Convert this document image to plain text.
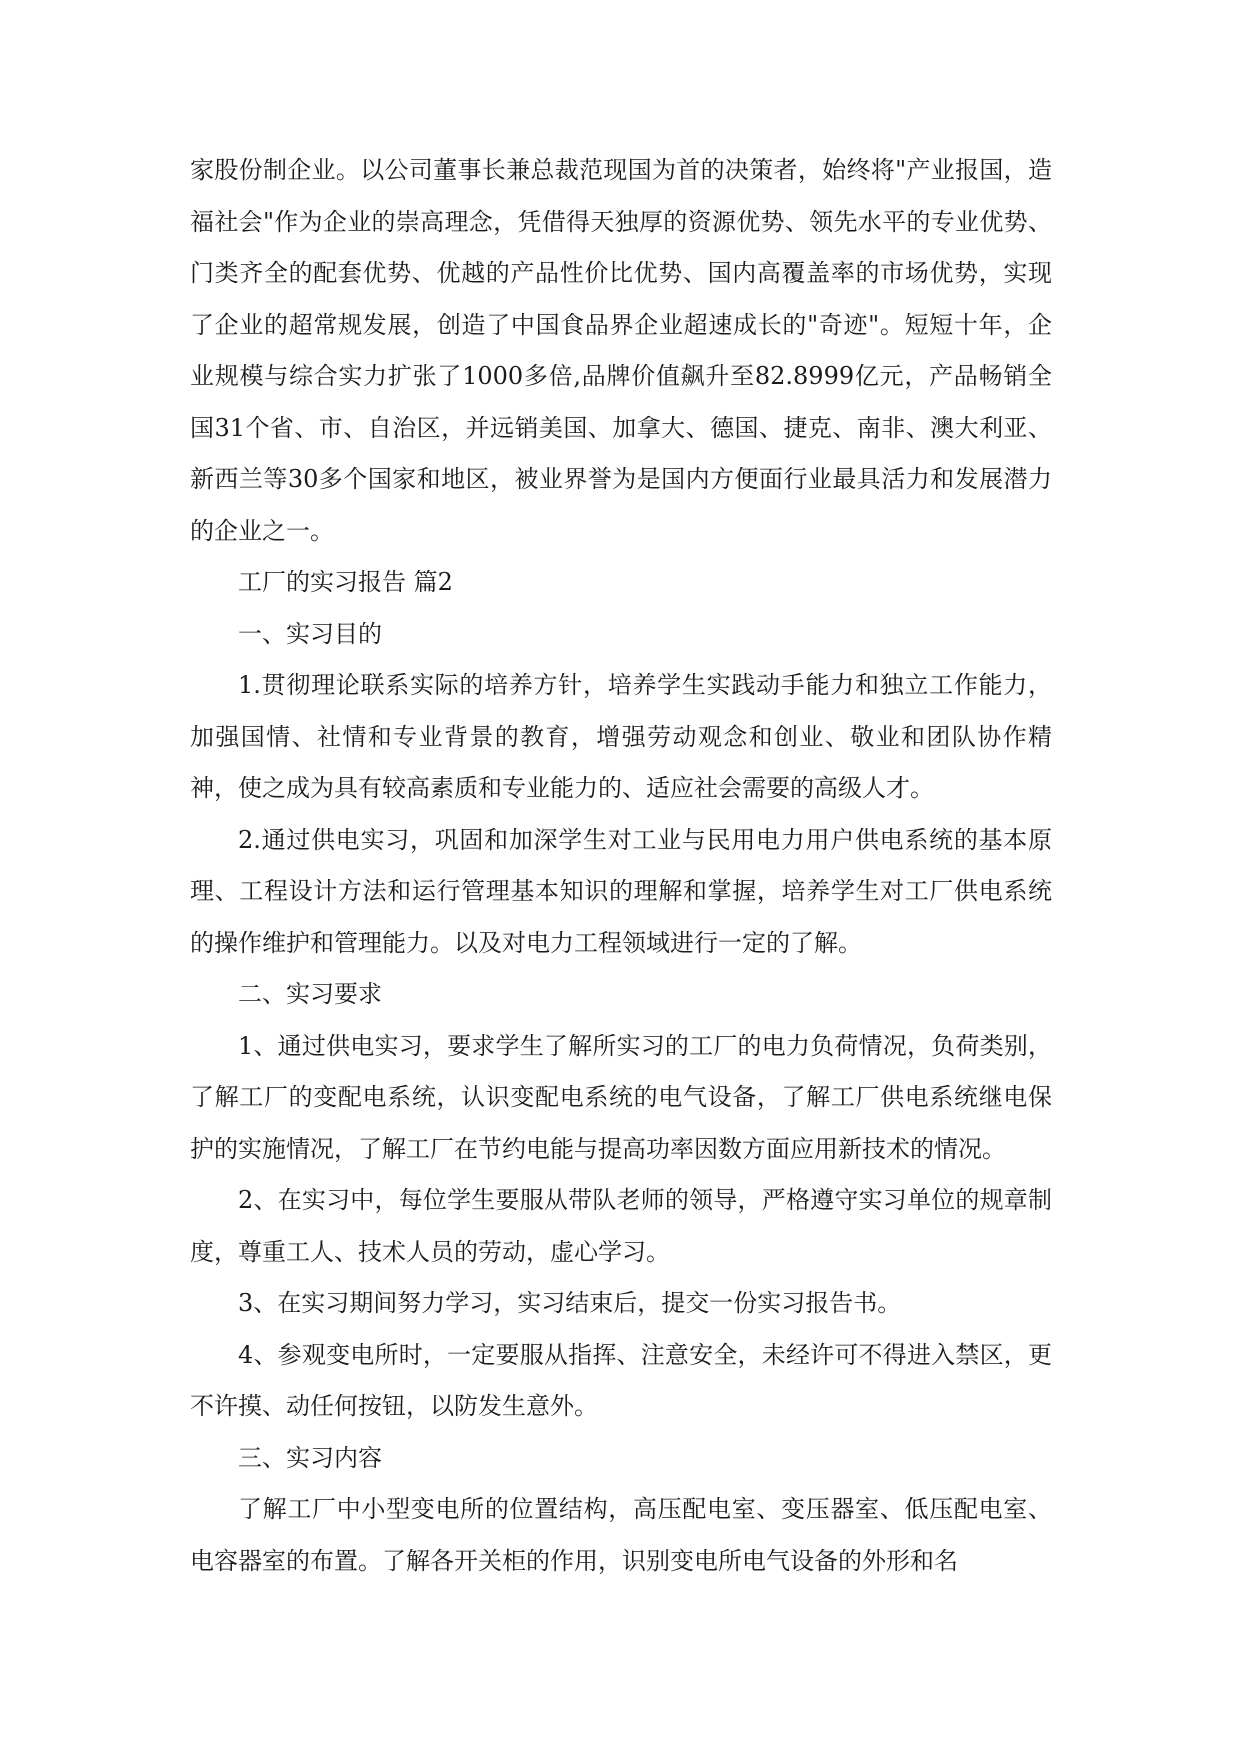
家股份制企业。以公司董事长兼总裁范现国为首的决策者，始终将"产业报国，造福社会"作为企业的崇高理念，凭借得天独厚的资源优势、领先水平的专业优势、门类齐全的配套优势、优越的产品性价比优势、国内高覆盖率的市场优势，实现了企业的超常规发展，创造了中国食品界企业超速成长的"奇迹"。短短十年，企业规模与综合实力扩张了1000多倍,品牌价值飙升至82.8999亿元，产品畅销全国31个省、市、自治区，并远销美国、加拿大、德国、捷克、南非、澳大利亚、新西兰等30多个国家和地区，被业界誉为是国内方便面行业最具活力和发展潜力的企业之一。

工厂的实习报告 篇2

一、实习目的

1.贯彻理论联系实际的培养方针，培养学生实践动手能力和独立工作能力，加强国情、社情和专业背景的教育，增强劳动观念和创业、敬业和团队协作精神，使之成为具有较高素质和专业能力的、适应社会需要的高级人才。

2.通过供电实习，巩固和加深学生对工业与民用电力用户供电系统的基本原理、工程设计方法和运行管理基本知识的理解和掌握，培养学生对工厂供电系统的操作维护和管理能力。以及对电力工程领域进行一定的了解。

二、实习要求

1、通过供电实习，要求学生了解所实习的工厂的电力负荷情况，负荷类别，了解工厂的变配电系统，认识变配电系统的电气设备，了解工厂供电系统继电保护的实施情况，了解工厂在节约电能与提高功率因数方面应用新技术的情况。

2、在实习中，每位学生要服从带队老师的领导，严格遵守实习单位的规章制度，尊重工人、技术人员的劳动，虚心学习。

3、在实习期间努力学习，实习结束后，提交一份实习报告书。

4、参观变电所时，一定要服从指挥、注意安全，未经许可不得进入禁区，更不许摸、动任何按钮，以防发生意外。

三、实习内容

了解工厂中小型变电所的位置结构，高压配电室、变压器室、低压配电室、电容器室的布置。了解各开关柜的作用，识别变电所电气设备的外形和名
